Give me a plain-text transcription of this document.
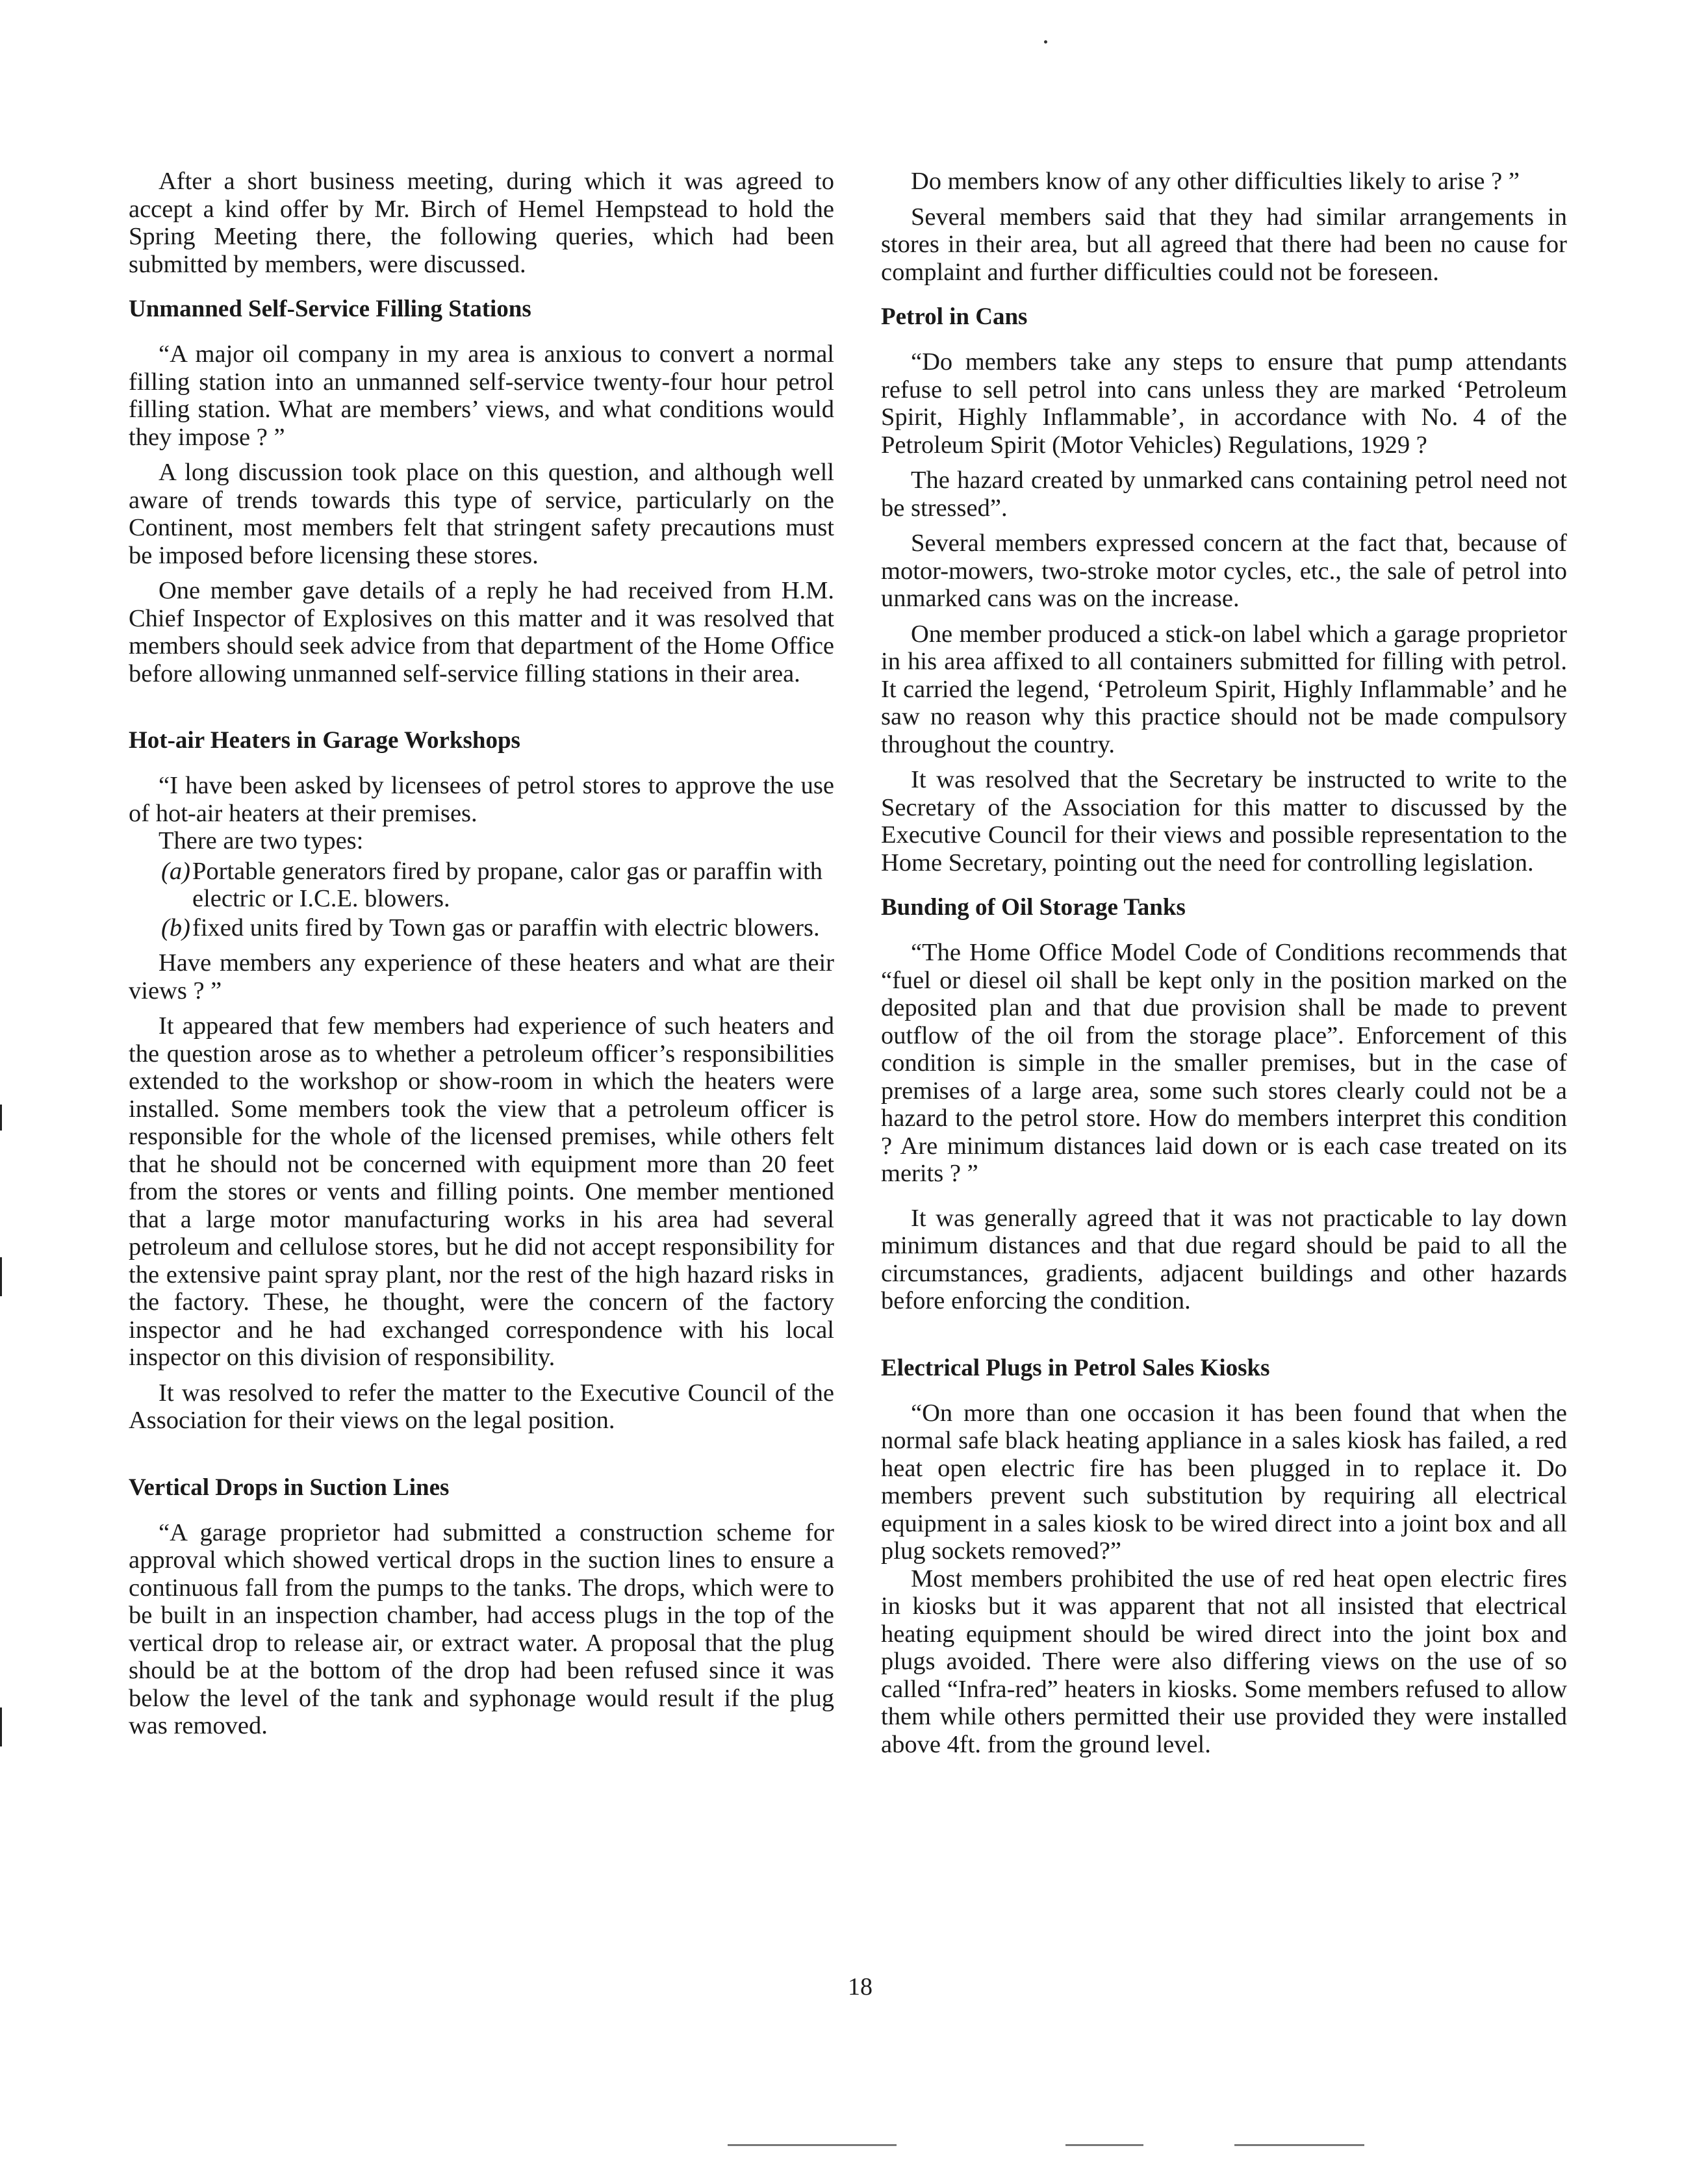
After a short business meeting, during which it was agreed to accept a kind offer by Mr. Birch of Hemel Hempstead to hold the Spring Meeting there, the following queries, which had been submitted by members, were discussed.

Unmanned Self-Service Filling Stations

“A major oil company in my area is anxious to convert a normal filling station into an unmanned self-service twenty-four hour petrol filling station. What are members’ views, and what conditions would they impose ? ”

A long discussion took place on this question, and although well aware of trends towards this type of service, particularly on the Continent, most members felt that stringent safety precautions must be imposed before licensing these stores.

One member gave details of a reply he had received from H.M. Chief Inspector of Explosives on this matter and it was resolved that members should seek advice from that department of the Home Office before allowing unmanned self-service filling stations in their area.

Hot-air Heaters in Garage Workshops

“I have been asked by licensees of petrol stores to approve the use of hot-air heaters at their premises.

There are two types:

(a) Portable generators fired by propane, calor gas or paraffin with electric or I.C.E. blowers.
(b) fixed units fired by Town gas or paraffin with electric blowers.

Have members any experience of these heaters and what are their views ? ”

It appeared that few members had experience of such heaters and the question arose as to whether a petroleum officer’s responsibilities extended to the workshop or show-room in which the heaters were installed. Some members took the view that a petroleum officer is responsible for the whole of the licensed premises, while others felt that he should not be concerned with equipment more than 20 feet from the stores or vents and filling points. One member mentioned that a large motor manufacturing works in his area had several petroleum and cellulose stores, but he did not accept responsibility for the extensive paint spray plant, nor the rest of the high hazard risks in the factory. These, he thought, were the concern of the factory inspector and he had exchanged correspondence with his local inspector on this division of responsibility.

It was resolved to refer the matter to the Executive Council of the Association for their views on the legal position.

Vertical Drops in Suction Lines

“A garage proprietor had submitted a construction scheme for approval which showed vertical drops in the suction lines to ensure a continuous fall from the pumps to the tanks. The drops, which were to be built in an inspection chamber, had access plugs in the top of the vertical drop to release air, or extract water. A proposal that the plug should be at the bottom of the drop had been refused since it was below the level of the tank and syphonage would result if the plug was removed.

Do members know of any other difficulties likely to arise ? ”

Several members said that they had similar arrangements in stores in their area, but all agreed that there had been no cause for complaint and further difficulties could not be foreseen.

Petrol in Cans

“Do members take any steps to ensure that pump attendants refuse to sell petrol into cans unless they are marked ‘Petroleum Spirit, Highly Inflammable’, in accordance with No. 4 of the Petroleum Spirit (Motor Vehicles) Regulations, 1929 ?

The hazard created by unmarked cans containing petrol need not be stressed”.

Several members expressed concern at the fact that, because of motor-mowers, two-stroke motor cycles, etc., the sale of petrol into unmarked cans was on the increase.

One member produced a stick-on label which a garage proprietor in his area affixed to all containers submitted for filling with petrol. It carried the legend, ‘Petroleum Spirit, Highly Inflammable’ and he saw no reason why this practice should not be made compulsory throughout the country.

It was resolved that the Secretary be instructed to write to the Secretary of the Association for this matter to discussed by the Executive Council for their views and possible representation to the Home Secretary, pointing out the need for controlling legislation.

Bunding of Oil Storage Tanks

“The Home Office Model Code of Conditions recommends that “fuel or diesel oil shall be kept only in the position marked on the deposited plan and that due provision shall be made to prevent outflow of the oil from the storage place”. Enforcement of this condition is simple in the smaller premises, but in the case of premises of a large area, some such stores clearly could not be a hazard to the petrol store. How do members interpret this condition ? Are minimum distances laid down or is each case treated on its merits ? ”

It was generally agreed that it was not practicable to lay down minimum distances and that due regard should be paid to all the circumstances, gradients, adjacent buildings and other hazards before enforcing the condition.

Electrical Plugs in Petrol Sales Kiosks

“On more than one occasion it has been found that when the normal safe black heating appliance in a sales kiosk has failed, a red heat open electric fire has been plugged in to replace it. Do members prevent such substitution by requiring all electrical equipment in a sales kiosk to be wired direct into a joint box and all plug sockets removed?”

Most members prohibited the use of red heat open electric fires in kiosks but it was apparent that not all insisted that electrical heating equipment should be wired direct into the joint box and plugs avoided. There were also differing views on the use of so called “Infra-red” heaters in kiosks. Some members refused to allow them while others permitted their use provided they were installed above 4ft. from the ground level.

18
